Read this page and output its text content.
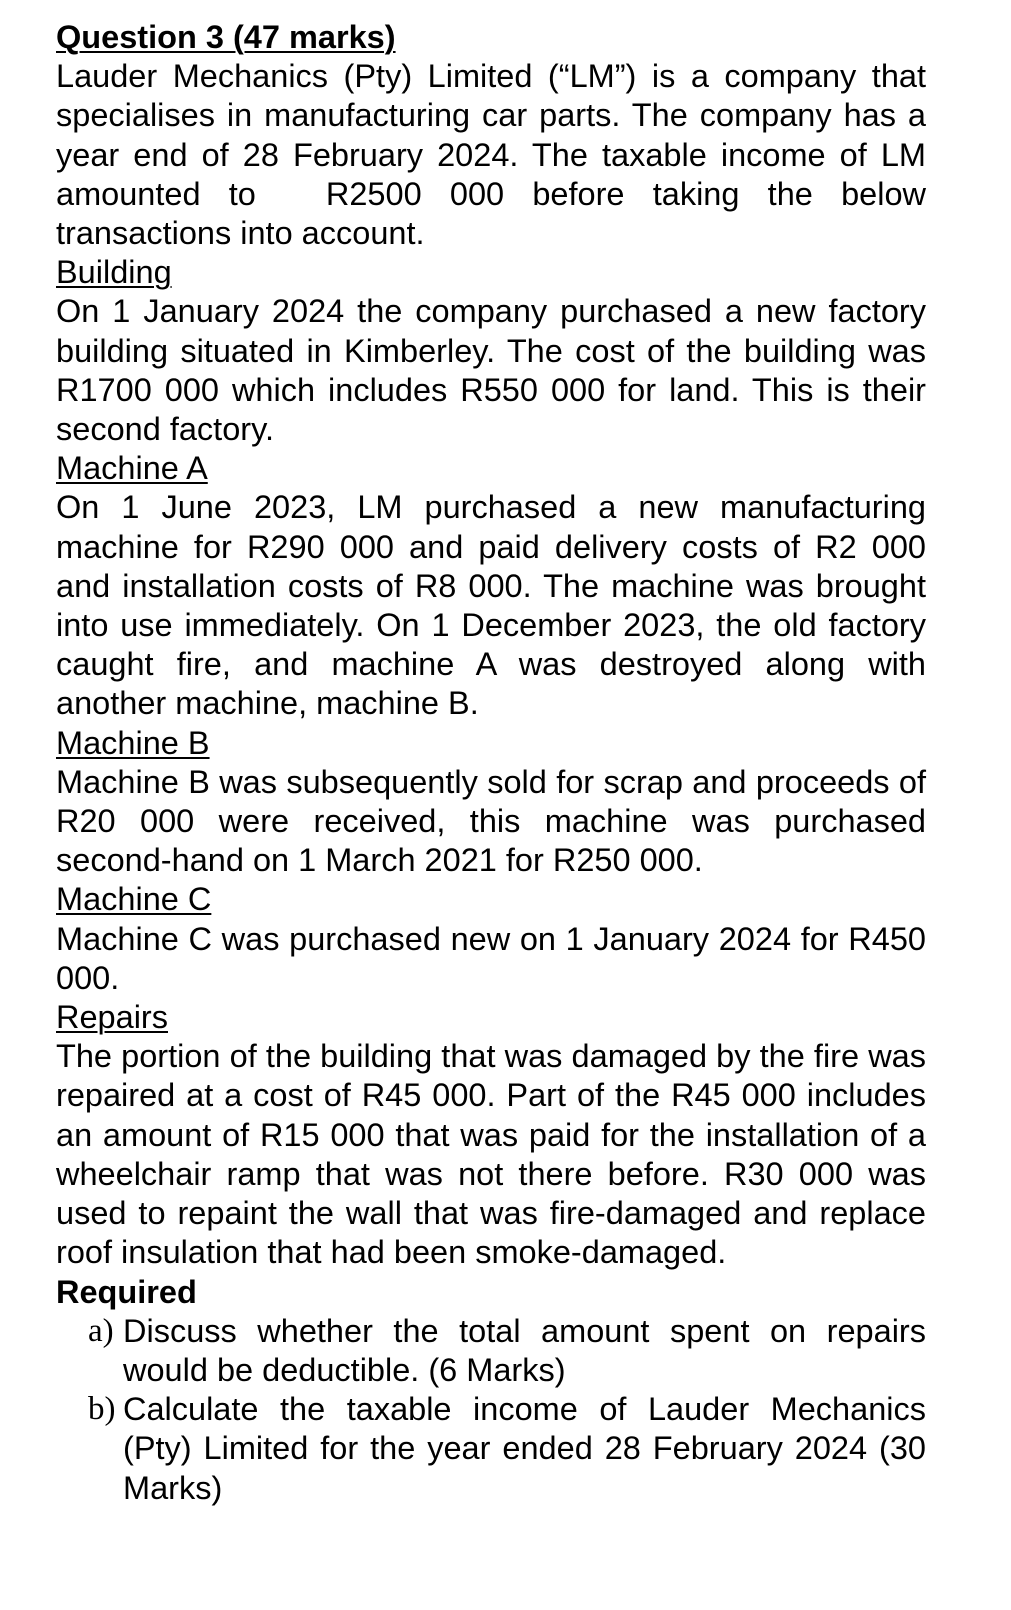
Question 3 (47 marks)

Lauder Mechanics (Pty) Limited (“LM”) is a company that specialises in manufacturing car parts. The company has a year end of 28 February 2024. The taxable income of LM amounted to R2500 000 before taking the below transactions into account.

Building

On 1 January 2024 the company purchased a new factory building situated in Kimberley. The cost of the building was R1700 000 which includes R550 000 for land. This is their second factory.

Machine A

On 1 June 2023, LM purchased a new manufacturing machine for R290 000 and paid delivery costs of R2 000 and installation costs of R8 000. The machine was brought into use immediately. On 1 December 2023, the old factory caught fire, and machine A was destroyed along with another machine, machine B.

Machine B

Machine B was subsequently sold for scrap and proceeds of R20 000 were received, this machine was purchased second-hand on 1 March 2021 for R250 000.

Machine C

Machine C was purchased new on 1 January 2024 for R450 000.

Repairs

The portion of the building that was damaged by the fire was repaired at a cost of R45 000. Part of the R45 000 includes an amount of R15 000 that was paid for the installation of a wheelchair ramp that was not there before. R30 000 was used to repaint the wall that was fire-damaged and replace roof insulation that had been smoke-damaged.

Required
a) Discuss whether the total amount spent on repairs would be deductible. (6 Marks)
b) Calculate the taxable income of Lauder Mechanics (Pty) Limited for the year ended 28 February 2024 (30 Marks)
